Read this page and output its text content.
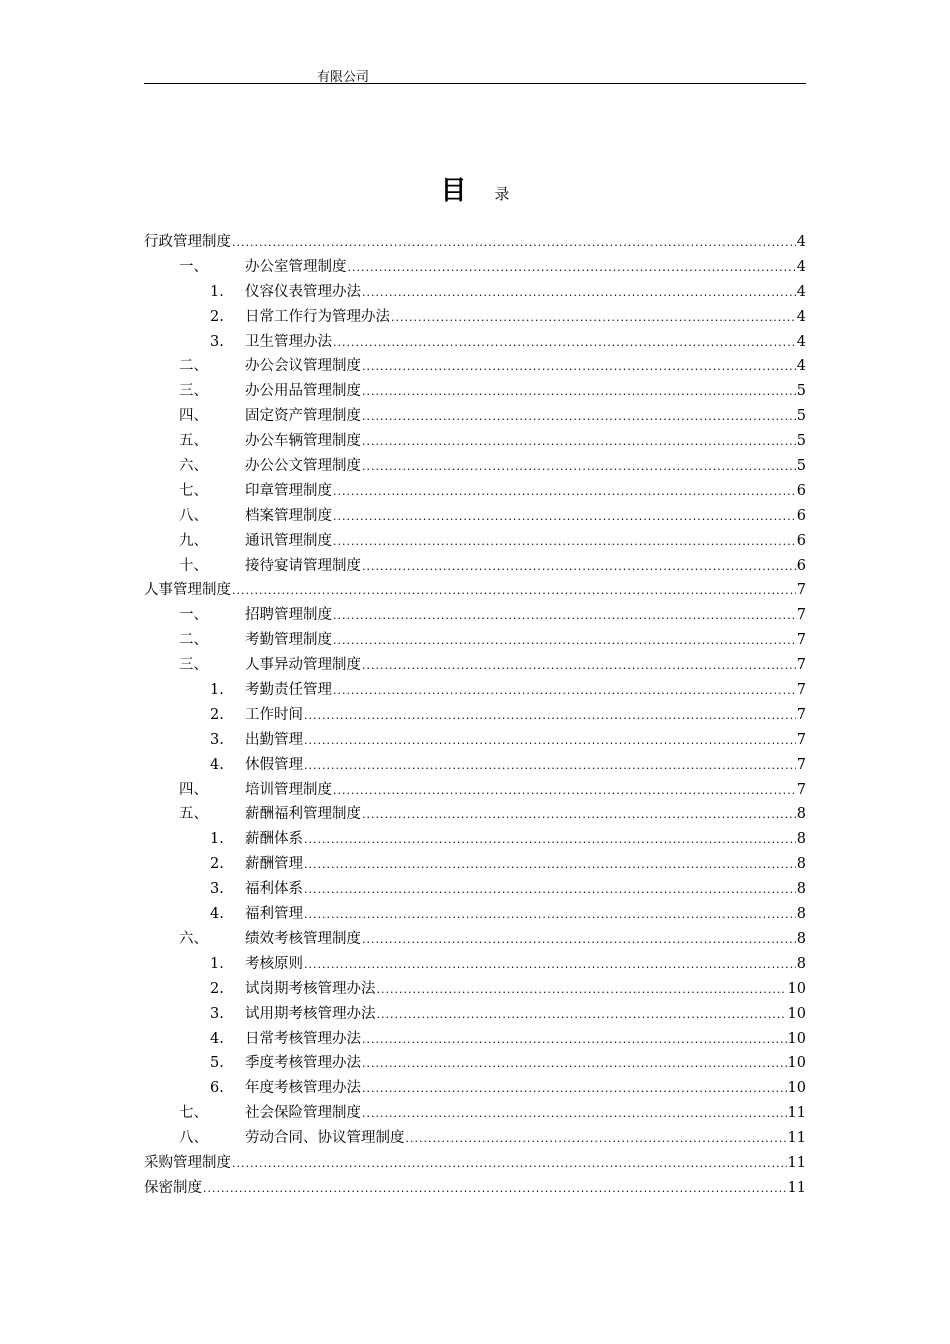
有限公司
目 录
行政管理制度 .....	4
一、	办公室管理制度 .....	4
1.	仪容仪表管理办法 .....	4
2.	日常工作行为管理办法 .....	4
3.	卫生管理办法 .....	4
二、	办公会议管理制度 .....	4
三、	办公用品管理制度 .....	5
四、	固定资产管理制度 .....	5
五、	办公车辆管理制度 .....	5
六、	办公公文管理制度 .....	5
七、	印章管理制度 .....	6
八、	档案管理制度 .....	6
九、	通讯管理制度 .....	6
十、	接待宴请管理制度 .....	6
人事管理制度 .....	7
一、	招聘管理制度 .....	7
二、	考勤管理制度 .....	7
三、	人事异动管理制度 .....	7
1.	考勤责任管理 .....	7
2.	工作时间 .....	7
3.	出勤管理 .....	7
4.	休假管理 .....	7
四、	培训管理制度 .....	7
五、	薪酬福利管理制度 .....	8
1.	薪酬体系 .....	8
2.	薪酬管理 .....	8
3.	福利体系 .....	8
4.	福利管理 .....	8
六、	绩效考核管理制度 .....	8
1.	考核原则 .....	8
2.	试岗期考核管理办法 .....	10
3.	试用期考核管理办法 .....	10
4.	日常考核管理办法 .....	10
5.	季度考核管理办法 .....	10
6.	年度考核管理办法 .....	10
七、	社会保险管理制度 .....	11
八、	劳动合同、协议管理制度 .....	11
采购管理制度 .....	11
保密制度 .....	11
